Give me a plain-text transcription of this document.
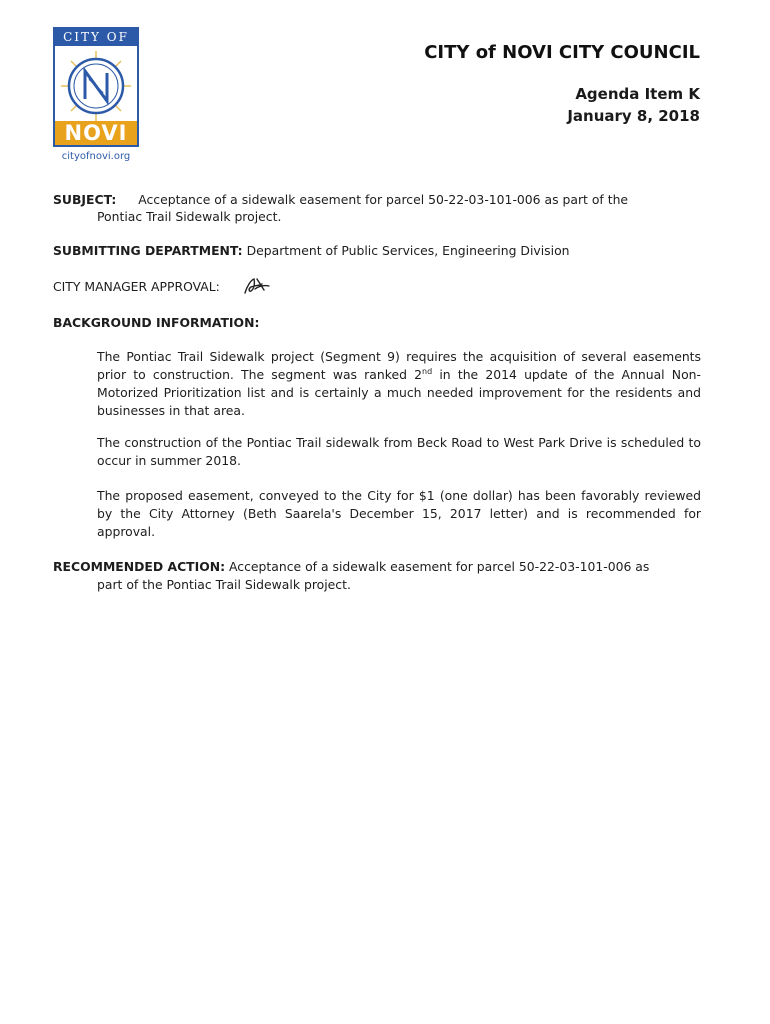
CITY OF
NOVI
cityofnovi.org
CITY of NOVI CITY COUNCIL
Agenda Item K
January 8, 2018
SUBJECT: Acceptance of a sidewalk easement for parcel 50-22-03-101-006 as part of the
Pontiac Trail Sidewalk project.
SUBMITTING DEPARTMENT: Department of Public Services, Engineering Division
CITY MANAGER APPROVAL:
BACKGROUND INFORMATION:
The Pontiac Trail Sidewalk project (Segment 9) requires the acquisition of several easements prior to construction. The segment was ranked 2nd in the 2014 update of the Annual Non-Motorized Prioritization list and is certainly a much needed improvement for the residents and businesses in that area.
The construction of the Pontiac Trail sidewalk from Beck Road to West Park Drive is scheduled to occur in summer 2018.
The proposed easement, conveyed to the City for $1 (one dollar) has been favorably reviewed by the City Attorney (Beth Saarela's December 15, 2017 letter) and is recommended for approval.
RECOMMENDED ACTION: Acceptance of a sidewalk easement for parcel 50-22-03-101-006 as
part of the Pontiac Trail Sidewalk project.
